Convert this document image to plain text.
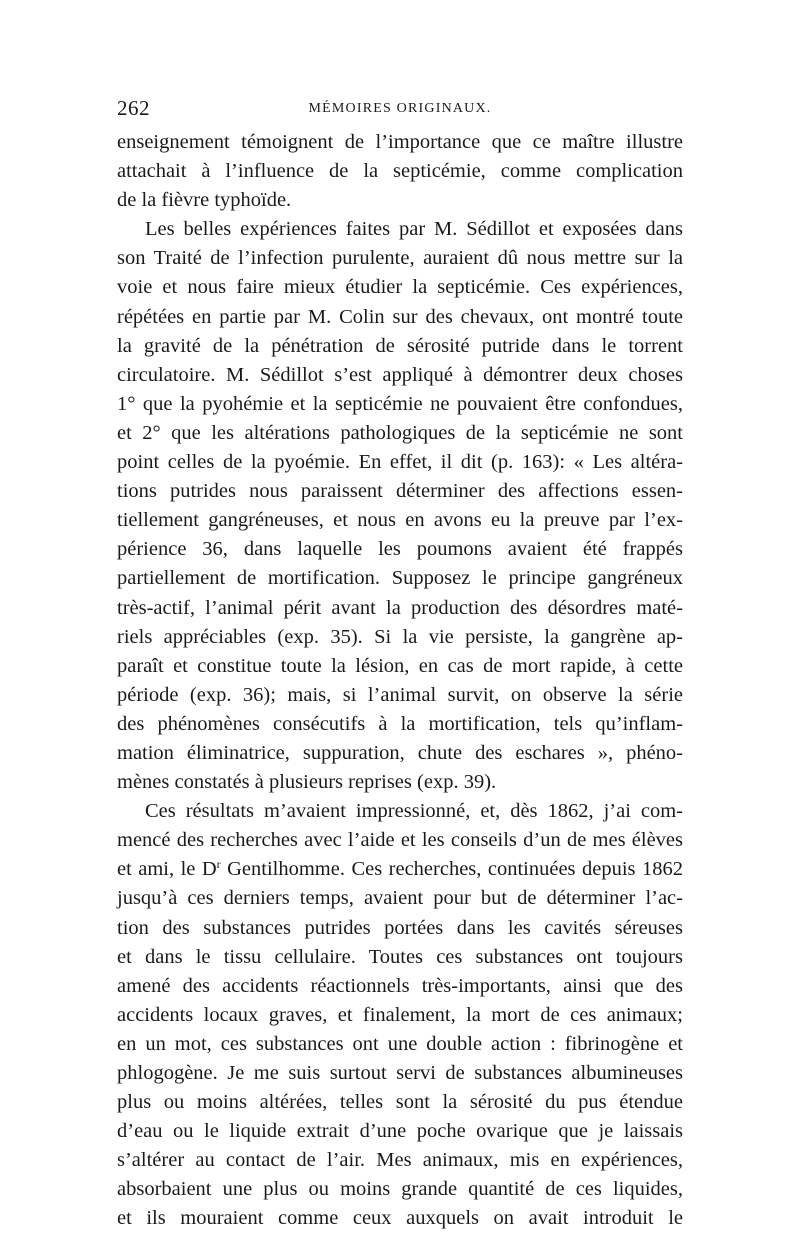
262	MÉMOIRES ORIGINAUX.
enseignement témoignent de l’importance que ce maître illustre
attachait à l’influence de la septicémie, comme complication
de la fièvre typhoïde.
Les belles expériences faites par M. Sédillot et exposées dans
son Traité de l’infection purulente, auraient dû nous mettre sur la
voie et nous faire mieux étudier la septicémie. Ces expériences,
répétées en partie par M. Colin sur des chevaux, ont montré toute
la gravité de la pénétration de sérosité putride dans le torrent
circulatoire. M. Sédillot s’est appliqué à démontrer deux choses
1° que la pyohémie et la septicémie ne pouvaient être confondues,
et 2° que les altérations pathologiques de la septicémie ne sont
point celles de la pyoémie. En effet, il dit (p. 163): « Les altéra-
tions putrides nous paraissent déterminer des affections essen-
tiellement gangréneuses, et nous en avons eu la preuve par l’ex-
périence 36, dans laquelle les poumons avaient été frappés
partiellement de mortification. Supposez le principe gangréneux
très-actif, l’animal périt avant la production des désordres maté-
riels appréciables (exp. 35). Si la vie persiste, la gangrène ap-
paraît et constitue toute la lésion, en cas de mort rapide, à cette
période (exp. 36); mais, si l’animal survit, on observe la série
des phénomènes consécutifs à la mortification, tels qu’inflam-
mation éliminatrice, suppuration, chute des eschares », phéno-
mènes constatés à plusieurs reprises (exp. 39).
Ces résultats m’avaient impressionné, et, dès 1862, j’ai com-
mencé des recherches avec l’aide et les conseils d’un de mes élèves
et ami, le $D^r$ Gentilhomme. Ces recherches, continuées depuis 1862
jusqu’à ces derniers temps, avaient pour but de déterminer l’ac-
tion des substances putrides portées dans les cavités séreuses
et dans le tissu cellulaire. Toutes ces substances ont toujours
amené des accidents réactionnels très-importants, ainsi que des
accidents locaux graves, et finalement, la mort de ces animaux;
en un mot, ces substances ont une double action : fibrinogène et
phlogogène. Je me suis surtout servi de substances albumineuses
plus ou moins altérées, telles sont la sérosité du pus étendue
d’eau ou le liquide extrait d’une poche ovarique que je laissais
s’altérer au contact de l’air. Mes animaux, mis en expériences,
absorbaient une plus ou moins grande quantité de ces liquides,
et ils mouraient comme ceux auxquels on avait introduit le
